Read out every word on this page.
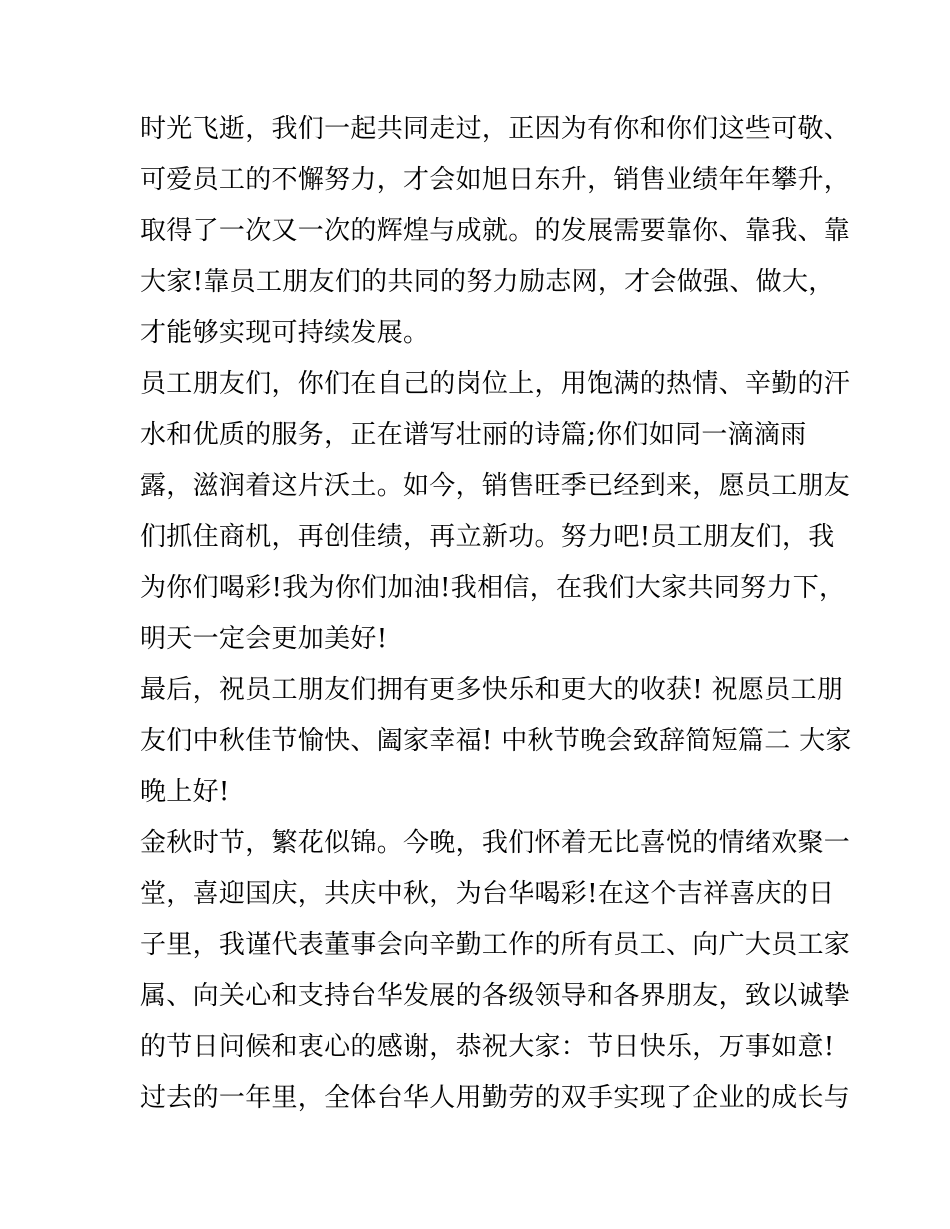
时光飞逝，我们一起共同走过，正因为有你和你们这些可敬、
可爱员工的不懈努力，才会如旭日东升，销售业绩年年攀升，
取得了一次又一次的辉煌与成就。的发展需要靠你、靠我、靠
大家!靠员工朋友们的共同的努力励志网，才会做强、做大，
才能够实现可持续发展。
员工朋友们，你们在自己的岗位上，用饱满的热情、辛勤的汗
水和优质的服务，正在谱写壮丽的诗篇;你们如同一滴滴雨
露，滋润着这片沃土。如今，销售旺季已经到来，愿员工朋友
们抓住商机，再创佳绩，再立新功。努力吧!员工朋友们，我
为你们喝彩!我为你们加油!我相信，在我们大家共同努力下，
明天一定会更加美好!
最后，祝员工朋友们拥有更多快乐和更大的收获! 祝愿员工朋
友们中秋佳节愉快、阖家幸福! 中秋节晚会致辞简短篇二 大家
晚上好!
金秋时节，繁花似锦。今晚，我们怀着无比喜悦的情绪欢聚一
堂，喜迎国庆，共庆中秋，为台华喝彩!在这个吉祥喜庆的日
子里，我谨代表董事会向辛勤工作的所有员工、向广大员工家
属、向关心和支持台华发展的各级领导和各界朋友，致以诚挚
的节日问候和衷心的感谢，恭祝大家：节日快乐，万事如意!
过去的一年里，全体台华人用勤劳的双手实现了企业的成长与
